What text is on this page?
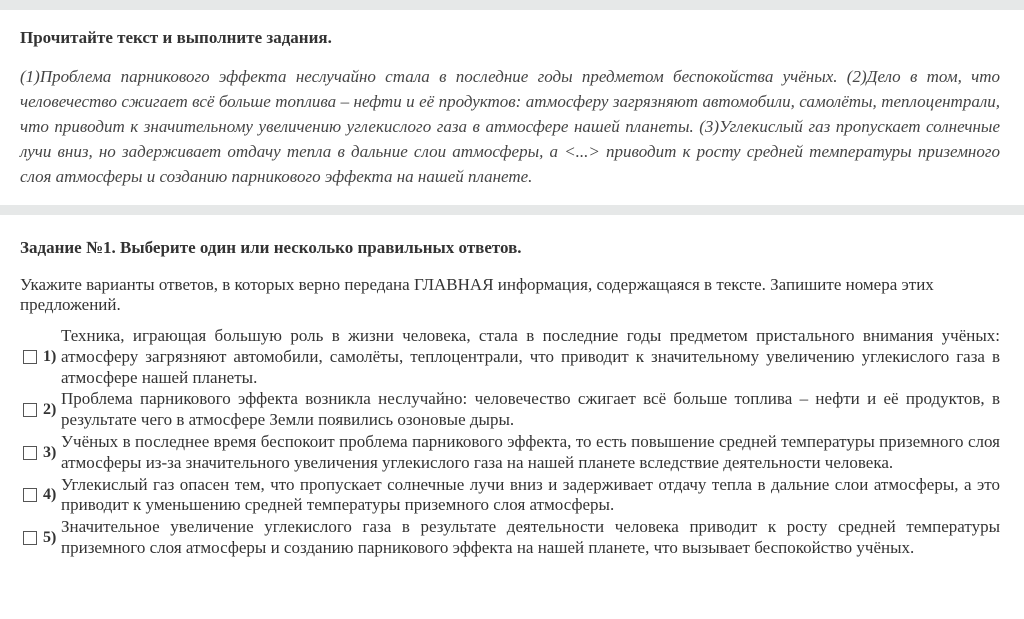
Прочитайте текст и выполните задания.

(1)Проблема парникового эффекта неслучайно стала в последние годы предметом беспокойства учёных. (2)Дело в том, что человечество сжигает всё больше топлива – нефти и её продуктов: атмосферу загрязняют автомобили, самолёты, теплоцентрали, что приводит к значительному увеличению углекислого газа в атмосфере нашей планеты. (3)Углекислый газ пропускает солнечные лучи вниз, но задерживает отдачу тепла в дальние слои атмосферы, а <...> приводит к росту средней температуры приземного слоя атмосферы и созданию парникового эффекта на нашей планете.

Задание №1. Выберите один или несколько правильных ответов.
Укажите варианты ответов, в которых верно передана ГЛАВНАЯ информация, содержащаяся в тексте. Запишите номера этих предложений.
1)
Техника, играющая большую роль в жизни человека, стала в последние годы предметом пристального внимания учёных: атмосферу загрязняют автомобили, самолёты, теплоцентрали, что приводит к значительному увеличению углекислого газа в атмосфере нашей планеты.
2)
Проблема парникового эффекта возникла неслучайно: человечество сжигает всё больше топлива – нефти и её продуктов, в результате чего в атмосфере Земли появились озоновые дыры.
3)
Учёных в последнее время беспокоит проблема парникового эффекта, то есть повышение средней температуры приземного слоя атмосферы из-за значительного увеличения углекислого газа на нашей планете вследствие деятельности человека.
4)
Углекислый газ опасен тем, что пропускает солнечные лучи вниз и задерживает отдачу тепла в дальние слои атмосферы, а это приводит к уменьшению средней температуры приземного слоя атмосферы.
5)
Значительное увеличение углекислого газа в результате деятельности человека приводит к росту средней температуры приземного слоя атмосферы и созданию парникового эффекта на нашей планете, что вызывает беспокойство учёных.
